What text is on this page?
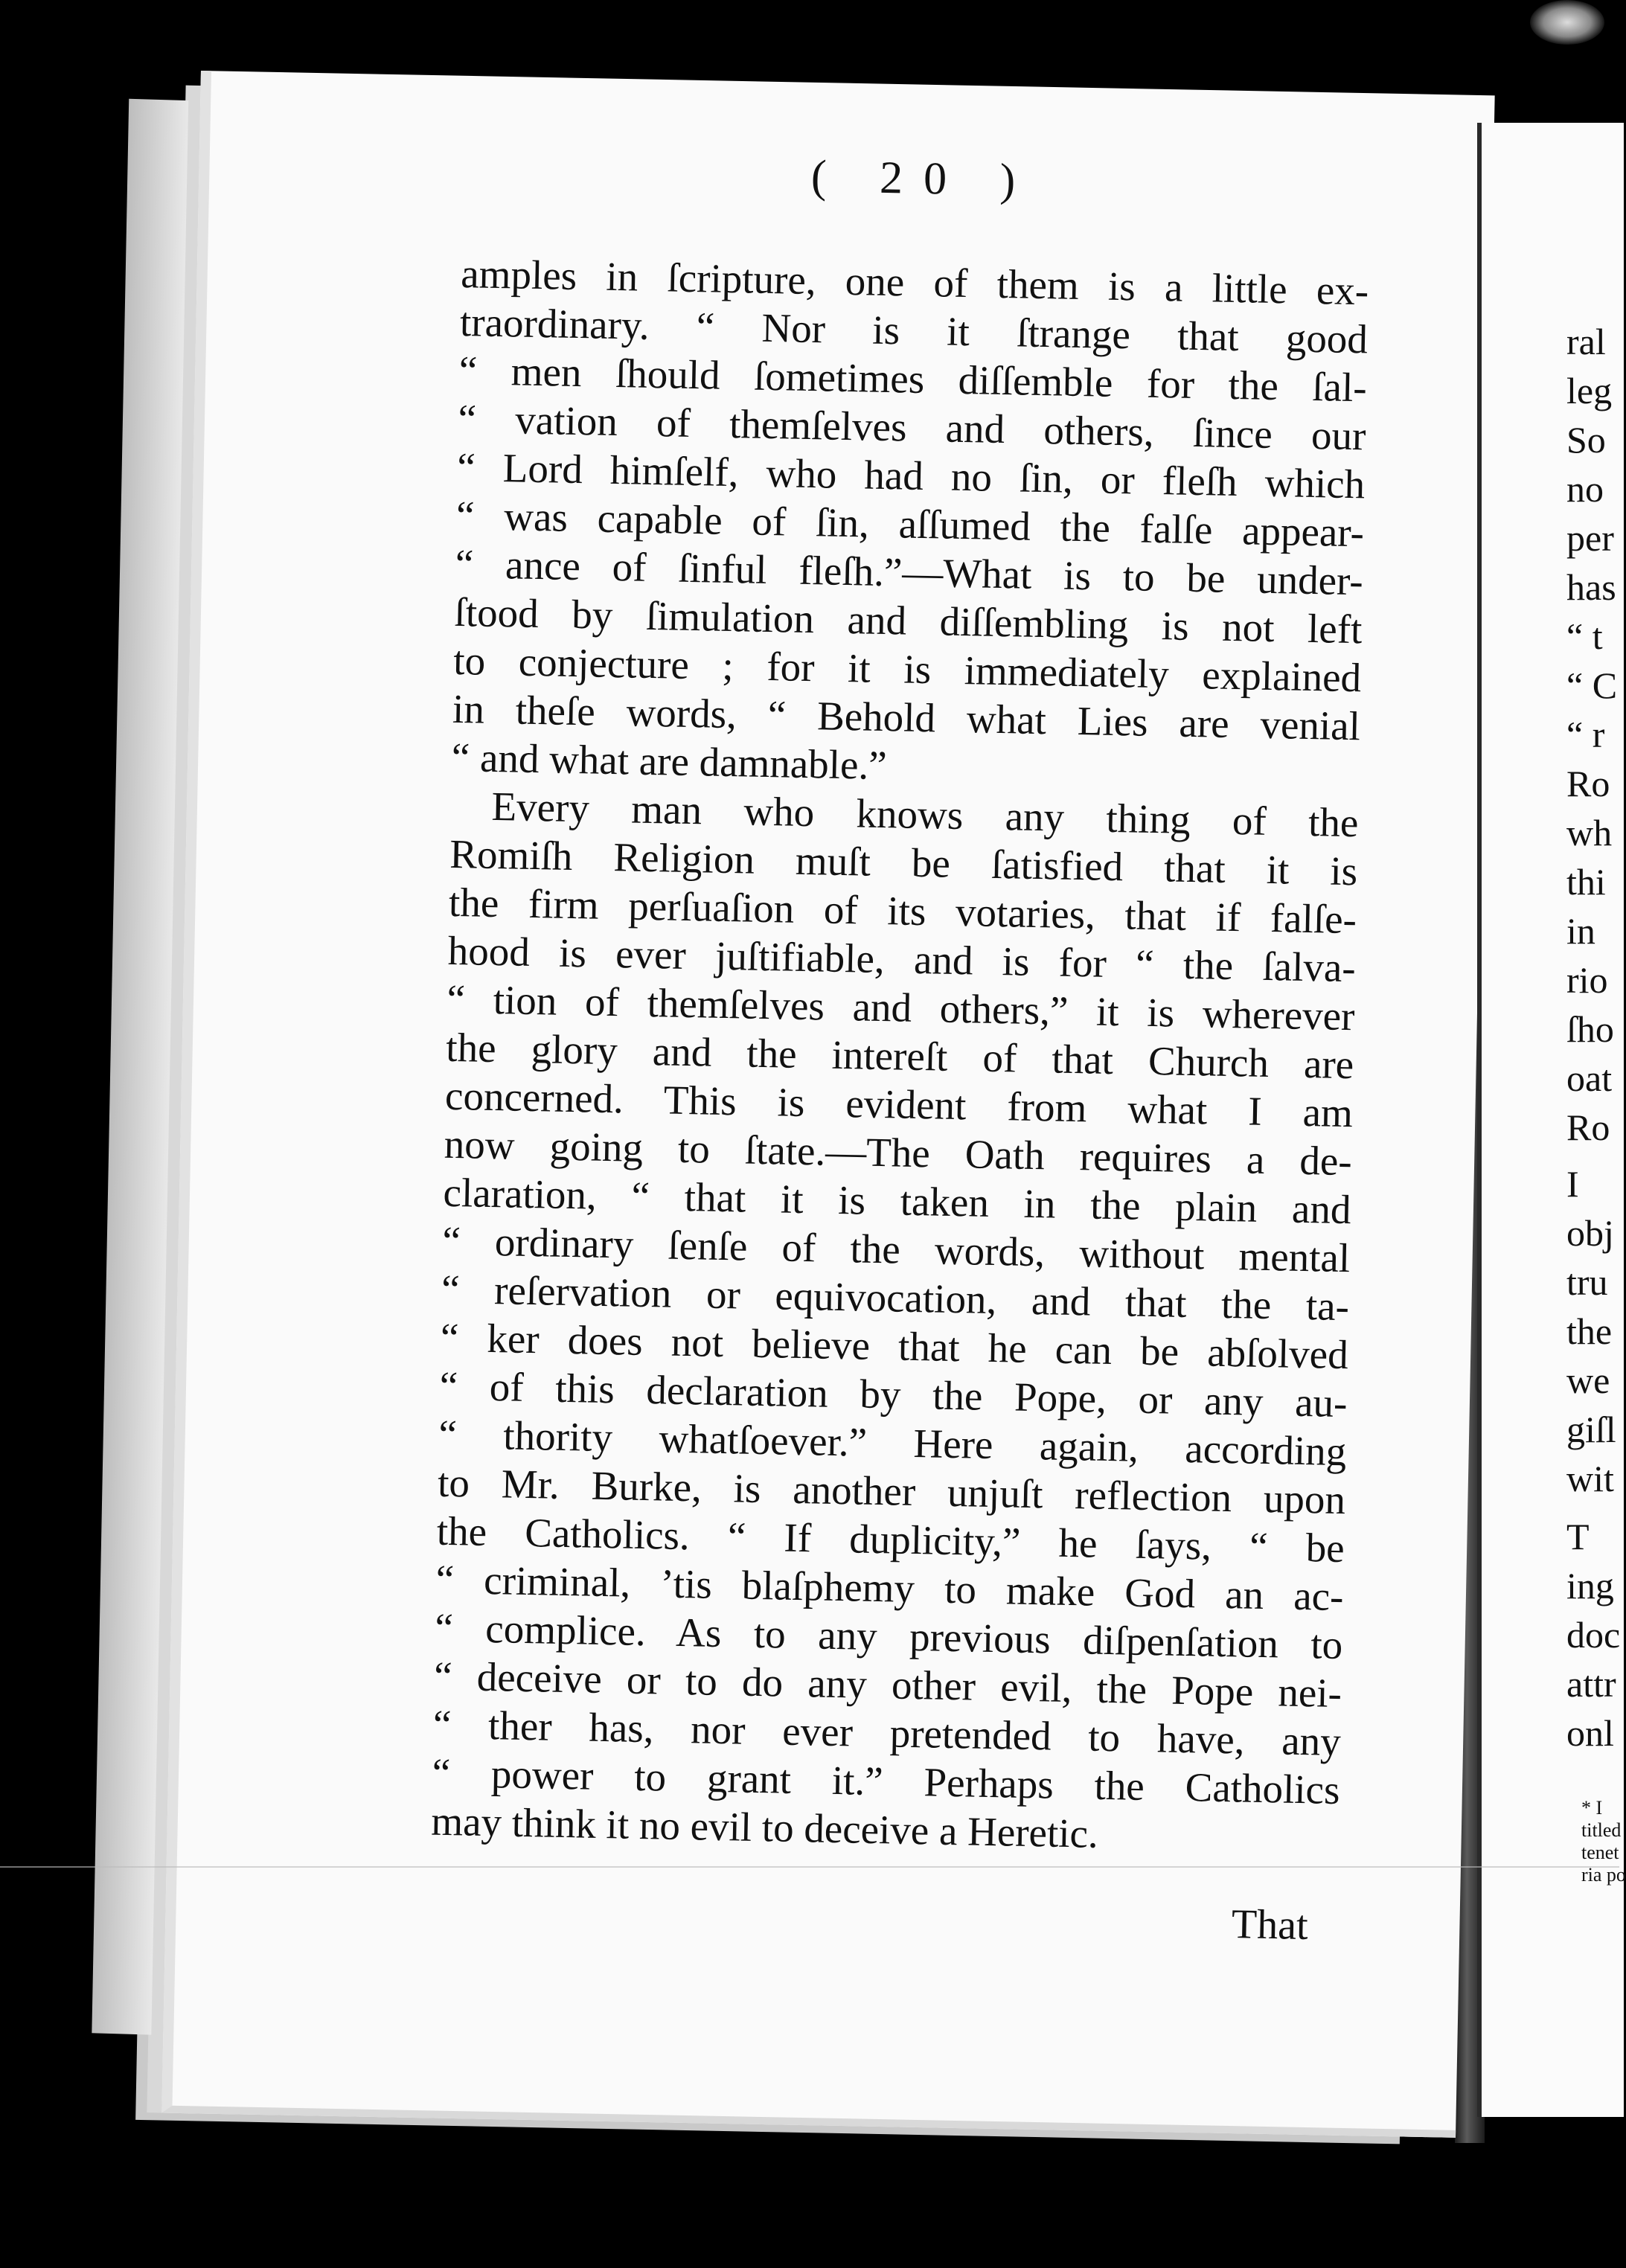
( 20 )
amples in ſcripture, one of them is a little ex-
traordinary. “ Nor is it ſtrange that good
“ men ſhould ſometimes diſſemble for the ſal-
“ vation of themſelves and others, ſince our
“ Lord himſelf, who had no ſin, or fleſh which
“ was capable of ſin, aſſumed the falſe appear-
“ ance of ſinful fleſh.”—What is to be under-
ſtood by ſimulation and diſſembling is not left
to conjecture ; for it is immediately explained
in theſe words, “ Behold what Lies are venial
“ and what are damnable.”
Every man who knows any thing of the
Romiſh Religion muſt be ſatisfied that it is
the firm perſuaſion of its votaries, that if falſe-
hood is ever juſtifiable, and is for “ the ſalva-
“ tion of themſelves and others,” it is wherever
the glory and the intereſt of that Church are
concerned. This is evident from what I am
now going to ſtate.—The Oath requires a de-
claration, “ that it is taken in the plain and
“ ordinary ſenſe of the words, without mental
“ reſervation or equivocation, and that the ta-
“ ker does not believe that he can be abſolved
“ of this declaration by the Pope, or any au-
“ thority whatſoever.” Here again, according
to Mr. Burke, is another unjuſt reflection upon
the Catholics. “ If duplicity,” he ſays, “ be
“ criminal, ’tis blaſphemy to make God an ac-
“ complice. As to any previous diſpenſation to
“ deceive or to do any other evil, the Pope nei-
“ ther has, nor ever pretended to have, any
“ power to grant it.” Perhaps the Catholics
may think it no evil to deceive a Heretic.
That
ral
leg
So
no
per
has
“ t
“ C
“ r
Ro
wh
thi
in
rio
ſho
oat
Ro
I
obj
tru
the
we
giſl
wit
T
ing
doc
attr
onl
* I
titled
tenet
ria po
